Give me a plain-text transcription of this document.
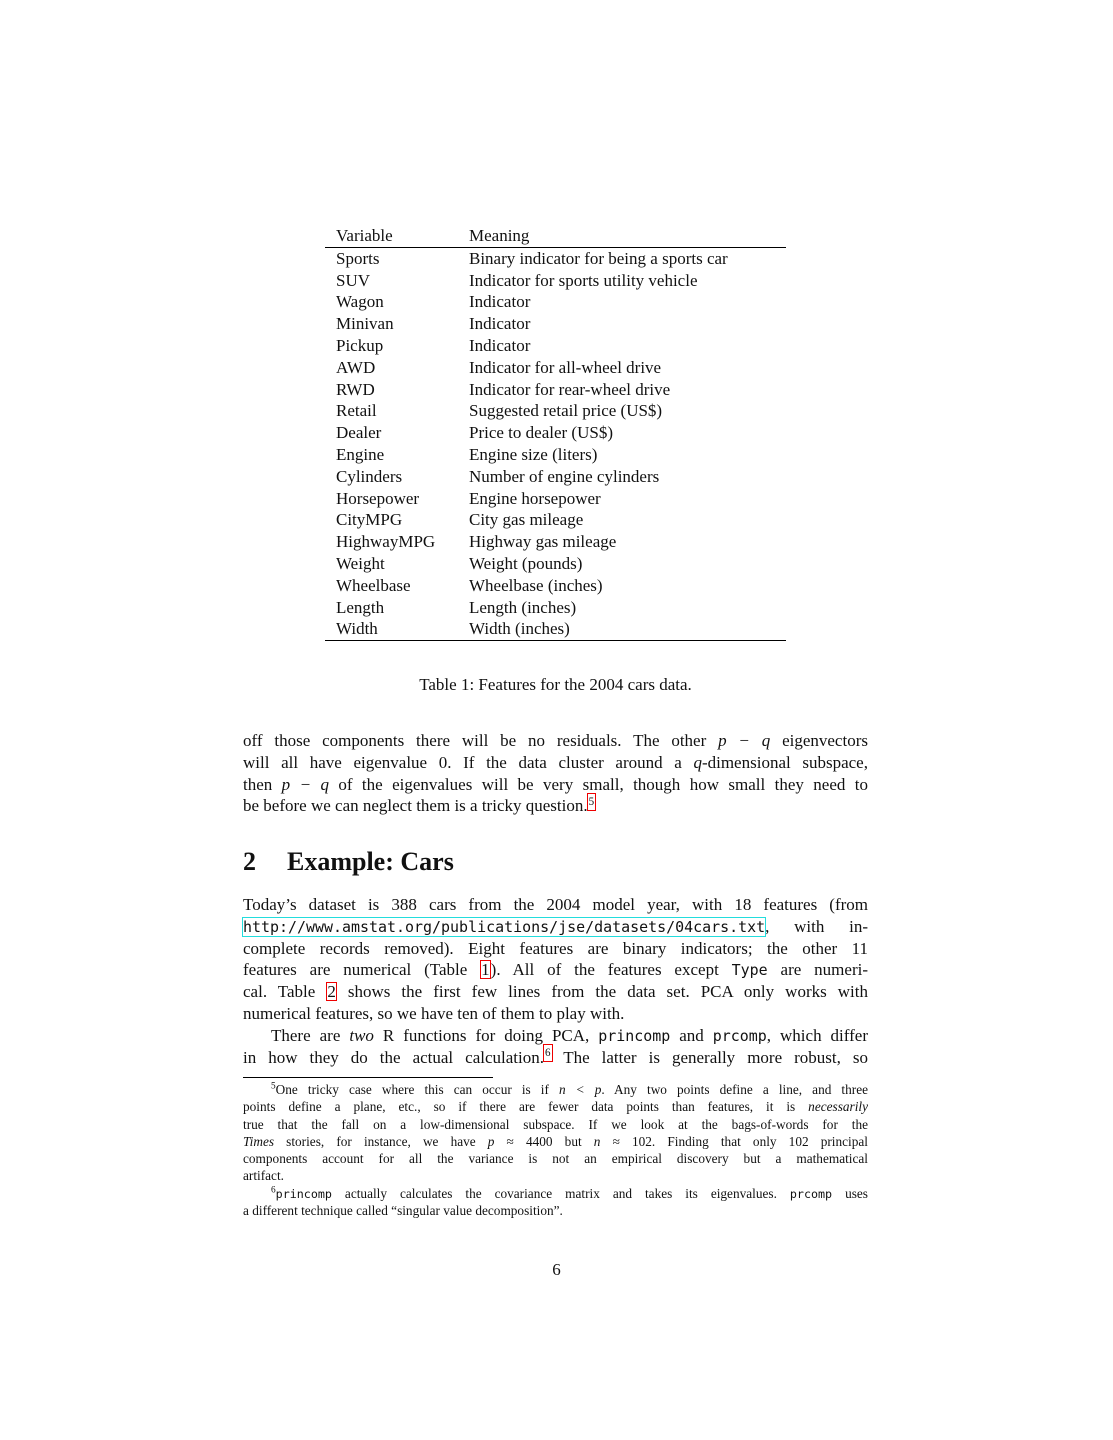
Variable	Meaning
Sports	Binary indicator for being a sports car
SUV	Indicator for sports utility vehicle
Wagon	Indicator
Minivan	Indicator
Pickup	Indicator
AWD	Indicator for all-wheel drive
RWD	Indicator for rear-wheel drive
Retail	Suggested retail price (US$)
Dealer	Price to dealer (US$)
Engine	Engine size (liters)
Cylinders	Number of engine cylinders
Horsepower	Engine horsepower
CityMPG	City gas mileage
HighwayMPG	Highway gas mileage
Weight	Weight (pounds)
Wheelbase	Wheelbase (inches)
Length	Length (inches)
Width	Width (inches)
Table 1: Features for the 2004 cars data.
off those components there will be no residuals. The other p − q eigenvectors
will all have eigenvalue 0. If the data cluster around a q-dimensional subspace,
then p − q of the eigenvalues will be very small, though how small they need to
be before we can neglect them is a tricky question.$^5$
2 Example: Cars
Today’s dataset is 388 cars from the 2004 model year, with 18 features (from
http://www.amstat.org/publications/jse/datasets/04cars.txt, with in-
complete records removed). Eight features are binary indicators; the other 11
features are numerical (Table 1). All of the features except Type are numeri-
cal. Table 2 shows the first few lines from the data set. PCA only works with
numerical features, so we have ten of them to play with.
There are two R functions for doing PCA, princomp and prcomp, which differ
in how they do the actual calculation.$^6$ The latter is generally more robust, so
$^5$One tricky case where this can occur is if n < p. Any two points define a line, and three
points define a plane, etc., so if there are fewer data points than features, it is necessarily
true that the fall on a low-dimensional subspace. If we look at the bags-of-words for the
Times stories, for instance, we have p ≈ 4400 but n ≈ 102. Finding that only 102 principal
components account for all the variance is not an empirical discovery but a mathematical
artifact.
$^6$princomp actually calculates the covariance matrix and takes its eigenvalues. prcomp uses
a different technique called “singular value decomposition”.
6
